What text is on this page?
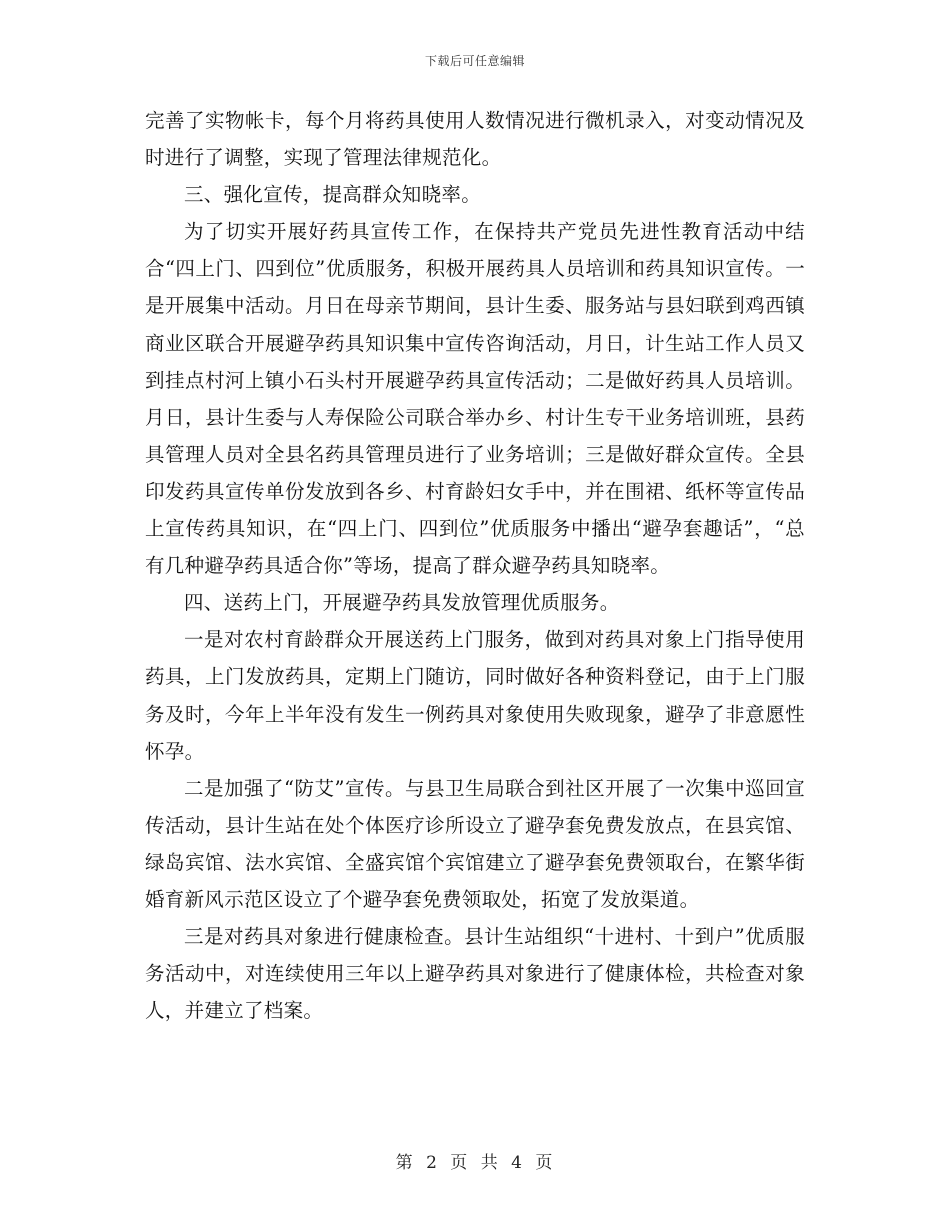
下载后可任意编辑

完善了实物帐卡，每个月将药具使用人数情况进行微机录入，对变动情况及时进行了调整，实现了管理法律规范化。

三、强化宣传，提高群众知晓率。

为了切实开展好药具宣传工作，在保持共产党员先进性教育活动中结合“四上门、四到位”优质服务，积极开展药具人员培训和药具知识宣传。一是开展集中活动。月日在母亲节期间，县计生委、服务站与县妇联到鸡西镇商业区联合开展避孕药具知识集中宣传咨询活动，月日，计生站工作人员又到挂点村河上镇小石头村开展避孕药具宣传活动；二是做好药具人员培训。月日，县计生委与人寿保险公司联合举办乡、村计生专干业务培训班，县药具管理人员对全县名药具管理员进行了业务培训；三是做好群众宣传。全县印发药具宣传单份发放到各乡、村育龄妇女手中，并在围裙、纸杯等宣传品上宣传药具知识，在“四上门、四到位”优质服务中播出“避孕套趣话”，“总有几种避孕药具适合你”等场，提高了群众避孕药具知晓率。

四、送药上门，开展避孕药具发放管理优质服务。

一是对农村育龄群众开展送药上门服务，做到对药具对象上门指导使用药具，上门发放药具，定期上门随访，同时做好各种资料登记，由于上门服务及时，今年上半年没有发生一例药具对象使用失败现象，避孕了非意愿性怀孕。

二是加强了“防艾”宣传。与县卫生局联合到社区开展了一次集中巡回宣传活动，县计生站在处个体医疗诊所设立了避孕套免费发放点，在县宾馆、绿岛宾馆、法水宾馆、全盛宾馆个宾馆建立了避孕套免费领取台，在繁华街婚育新风示范区设立了个避孕套免费领取处，拓宽了发放渠道。

三是对药具对象进行健康检查。县计生站组织“十进村、十到户”优质服务活动中，对连续使用三年以上避孕药具对象进行了健康体检，共检查对象人，并建立了档案。

第 2 页 共 4 页
